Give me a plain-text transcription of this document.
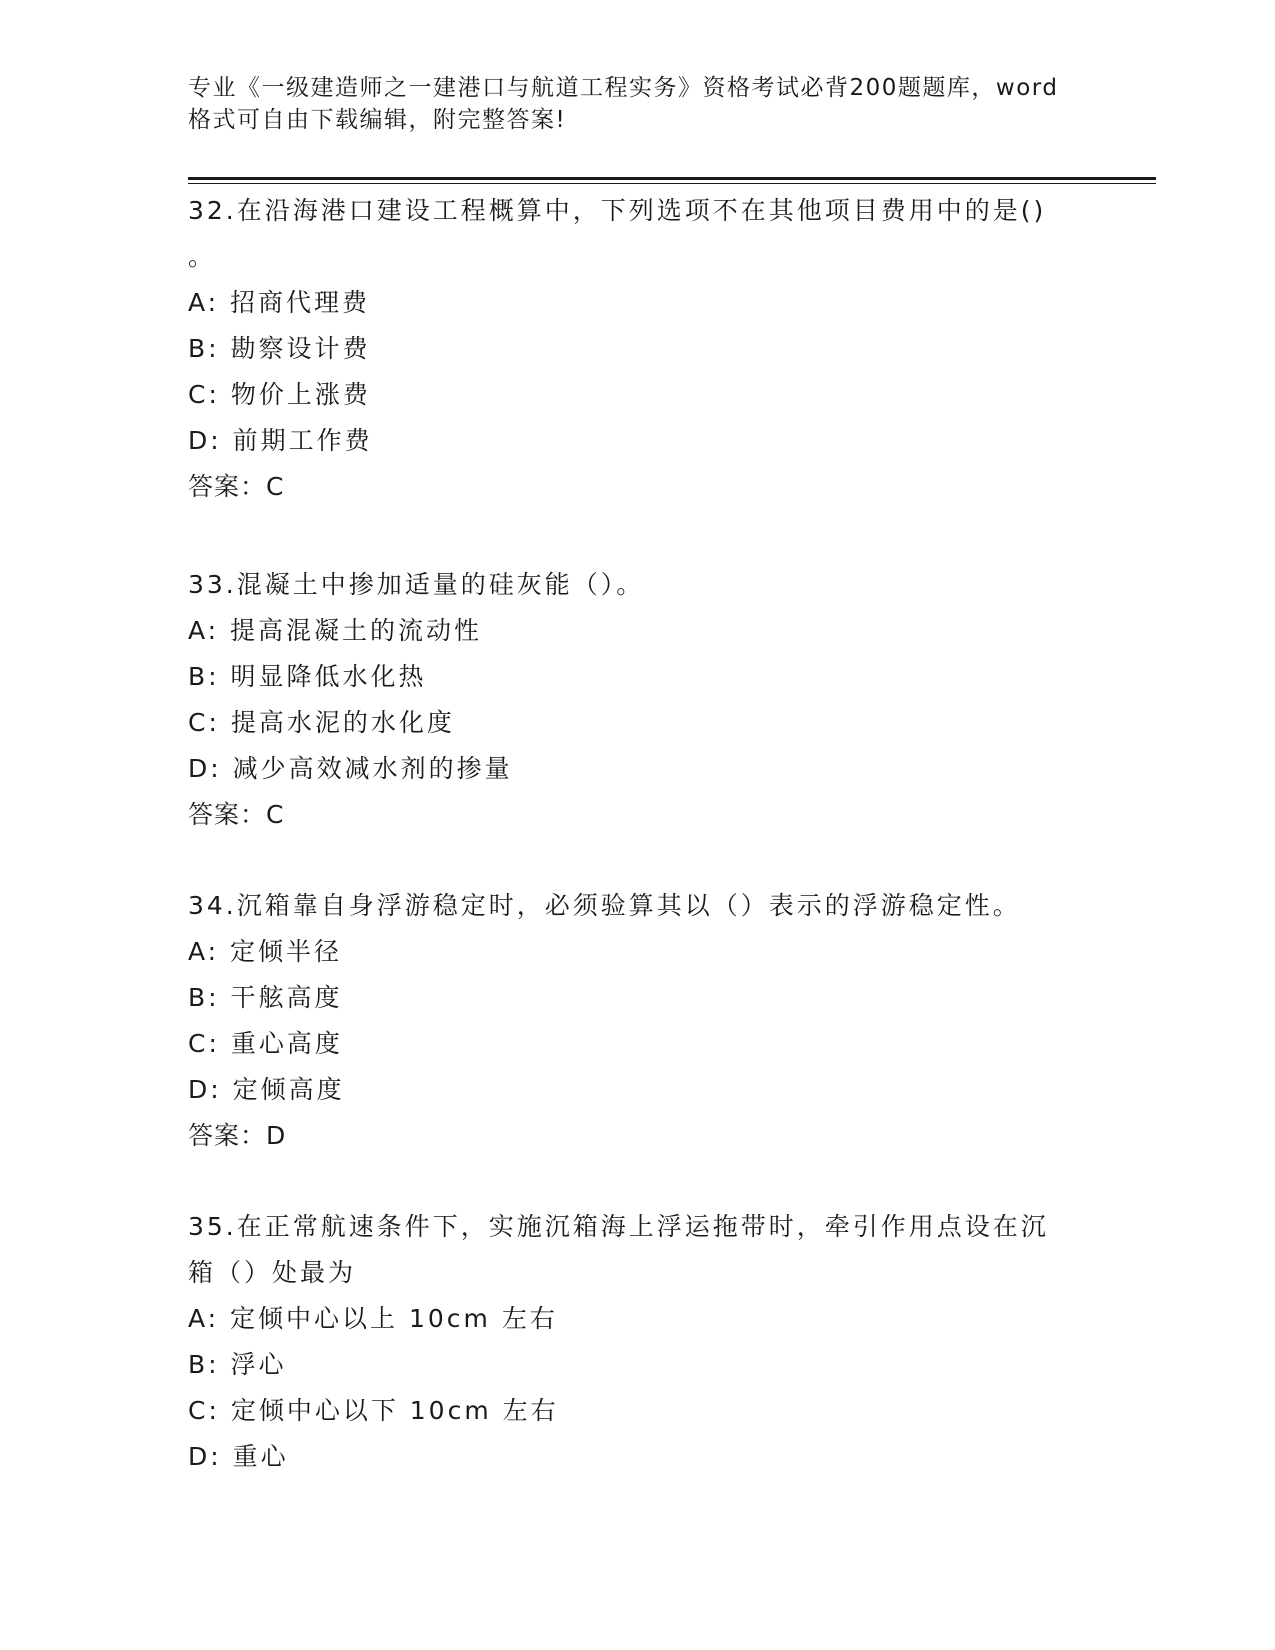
专业《一级建造师之一建港口与航道工程实务》资格考试必背200题题库，word
格式可自由下载编辑，附完整答案!
32.在沿海港口建设工程概算中，下列选项不在其他项目费用中的是()
。
A: 招商代理费
B: 勘察设计费
C: 物价上涨费
D: 前期工作费
答案：C
33.混凝土中掺加适量的硅灰能（）。
A: 提高混凝土的流动性
B: 明显降低水化热
C: 提高水泥的水化度
D: 减少高效减水剂的掺量
答案：C
34.沉箱靠自身浮游稳定时，必须验算其以（）表示的浮游稳定性。
A: 定倾半径
B: 干舷高度
C: 重心高度
D: 定倾高度
答案：D
35.在正常航速条件下，实施沉箱海上浮运拖带时，牵引作用点设在沉
箱（）处最为
A: 定倾中心以上 10cm 左右
B: 浮心
C: 定倾中心以下 10cm 左右
D: 重心
